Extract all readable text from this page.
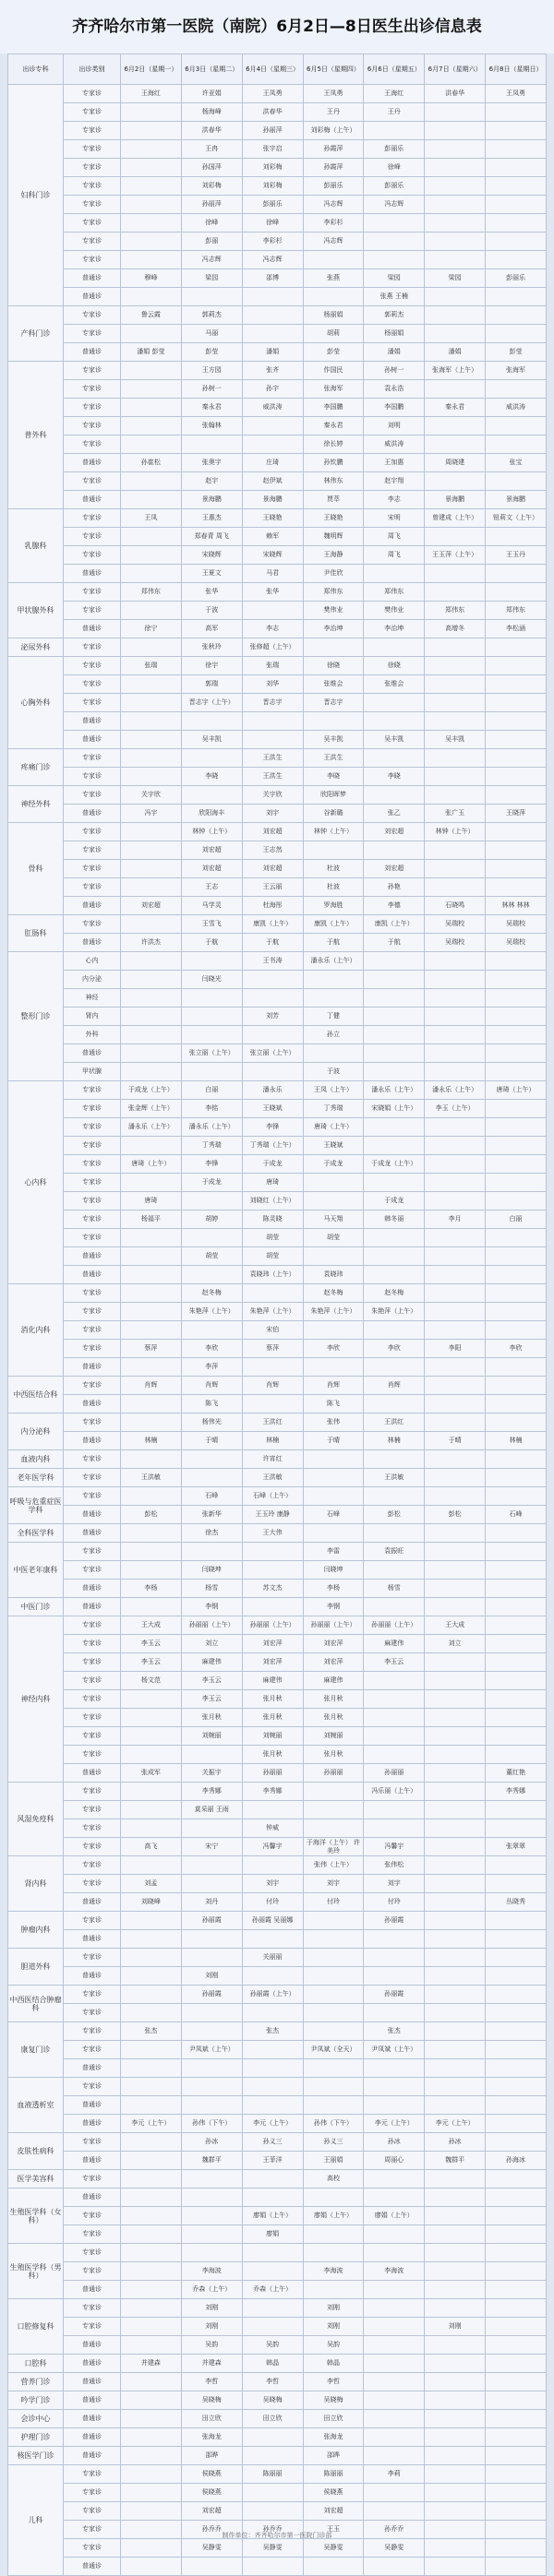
齐齐哈尔市第一医院（南院）6月2日—8日医生出诊信息表
出诊专科	出诊类别	6月2日（星期一）	6月3日（星期二）	6月4日（星期三）	6月5日（星期四）	6月6日（星期五）	6月7日（星期六）	6月8日（星期日）
妇科门诊	专家诊	王海红	许亚娟	王凤勇	王凤勇	王海红	洪春华	王凤勇
	专家诊		杨海峰	洪春华	王丹	王丹		
	专家诊		洪春华	孙丽萍	刘彩梅（上午）			
	专家诊		王冉	张宇启	孙霞萍	彭丽乐		
	专家诊		孙国萍	刘彩梅	孙霞萍	徐峰		
	专家诊		刘彩梅	刘彩梅	彭丽乐	彭丽乐		
	专家诊		孙丽萍	彭丽乐	冯志辉	冯志辉		
	专家诊		徐峰	徐峰	李彩杉			
	专家诊		彭丽	李彩杉	冯志辉			
	专家诊		冯志辉	冯志辉				
	普通诊	穆峰	梁园	邵博	张燕	梁园	梁园	彭丽乐
	普通诊					张燕 王楠		
产科门诊	专家诊	鲁云霞	郭莉杰		杨丽娟	郭莉杰		
	专家诊		马丽		胡莉	杨丽娟		
	普通诊	潘娟 彭莹	彭莹	潘娟	彭莹	潘娟	潘娟	彭莹
普外科	专家诊		王方园	张齐	作国民	孙树一	张海军（上午）	张海军
	专家诊		孙树一	孙宇	张海军	袁永浩		
	专家诊		秦永君	威洪涛	李国鹏	李国鹏	秦永君	威洪涛
	专家诊		张翰林		秦永君	刘明		
	专家诊				徐长婷	威洪涛		
	普通诊	孙崔松	张奥宇	庄琦	孙钦鹏	王加惠	周晓建	张宝
	专家诊		赵宇	赵伊斌	林伟东	赵宇翔		
	普通诊		景海鹏	景海鹏	贾萃	李志	景海鹏	景海鹏
乳腺科	专家诊	王凤	王惠杰	王晓艳	王晓艳	宋明	曾建成（上午）	钮莉文（上午）
	专家诊		郑春青 周飞	赖军	魏明辉	周飞		
	专家诊		宋晓辉	宋晓辉	王海静	周飞	王玉萍（上午）	王玉丹
	普通诊		王夏文	马君	尹佳欣			
甲状腺外科	专家诊	郑伟东	张华	张华	郑伟东	郑伟东		
	专家诊		于波		樊伟业	樊伟业	郑伟东	郑伟东
	普通诊	徐宁	高军	李志	李治坤	李治坤	高增冬	李松涵
泌尿外科	专家诊		张秋玲	张修超（上午）				
心胸外科	专家诊	张瑞	徐宇	张瑞	徐晓	徐晓		
	专家诊		郭瑞	刘华	张维会	张维会		
	专家诊		晋志宇（上午）	晋志宇	晋志宇			
	普通诊							
	普通诊		吴丰凯		吴丰凯	吴丰凯	吴丰凯	
疼痛门诊	专家诊			王洪生	王洪生			
	专家诊		李晓	王洪生	李晓	李晓		
神经外科	专家诊	关宇欣		关宇欣	欣阳晖梦			
	普通诊	冯宇	欣阳海丰	刘宇	谷新璐	张乙	张广玉	王晓萍
骨科	专家诊		林钟（上午）	刘宏超	林钟（上午）	刘宏超	林钟（上午）	
	专家诊		刘宏超	王志然				
	专家诊		刘宏超	刘宏超	杜波	刘宏超		
	专家诊		王志	王云丽	杜波	孙艳		
	普通诊	刘宏超	马学灵	杜海彤	罗海胜	李德	石晓鸣	林林 林林
肛肠科	专家诊		王雪飞	康凯（上午）	康凯（上午）	康凯（上午）	吴瑞校	吴瑞校
	普通诊	许洪杰	于航	于航	于航	于航	吴瑞校	吴瑞校
整形门诊	心内			王书涛	潘永乐（上午）			
	内分泌		闫晓光					
	神经							
	肾内			刘芳	丁健			
	外科				孙立			
	普通诊		张立丽（上午）	张立丽（上午）				
	甲状腺				于波			
心内科	专家诊	于成龙（上午）	白丽	潘永乐	王凤（上午）	潘永乐（上午）	潘永乐（上午）	唐琦（上午）
	专家诊	张金辉（上午）	李铭	王晓斌	丁秀瑞	宋晓娟（上午）	李玉（上午）	
	专家诊	潘永乐（上午）	潘永乐（上午）	李锋	唐琦（上午）			
	专家诊		丁秀瑞	丁秀瑞（上午）	王晓斌			
	专家诊	唐琦（上午）	李锋	于成龙	于成龙	于成龙（上午）		
	专家诊		于成龙	唐琦				
	专家诊	唐琦		刘晓红（上午）		于成龙		
	专家诊	杨福平	胡婷	陈灵晓	马天翔	韩冬丽	李月	白丽
	专家诊			胡莹	胡莹			
	普通诊		胡莹	胡莹				
	普通诊			袁晓玮（上午）	袁晓玮			
消化内科	专家诊		赵冬梅		赵冬梅	赵冬梅		
	专家诊		朱艳萍（上午）	朱艳萍（上午）	朱艳萍（上午）	朱艳萍（上午）		
	专家诊			宋伯				
	专家诊	蔡萍	李欣	蔡萍	李欣	李欣	李阳	李欣
	普通诊		李萍					
中西医结合科	专家诊	肖辉	肖辉	肖辉	肖辉	肖辉		
	普通诊		陈飞		陈飞			
内分泌科	专家诊		杨伟光	王洪红	张伟	王洪红		
	普通诊	林楠	于晴	林楠	于晴	林楠	于晴	林楠
血液内科	专家诊			许宵红				
老年医学科	专家诊	王洪敏		王洪敏		王洪敏		
呼吸与危重症医学科	专家诊		石峰	石峰（上午）				
	普通诊	彭松	张新华	王玉玲 康静	石峰	彭松	彭松	石峰
全科医学科	普通诊		徐杰	王大伟				
中医老年康科	专家诊				李雷	袁振旺		
	专家诊		闫晓坤		闫晓坤			
	普通诊	李杨	杨雪	苏文杰	李杨	杨雪		
中医门诊	普通诊		李钢		李钢			
神经内科	专家诊	王大成	孙丽丽（上午）	孙丽丽（上午）	孙丽丽（上午）	孙丽丽（上午）	王大成	
	专家诊	李玉云	刘立	刘宏萍	刘宏萍	麻建伟	刘立	
	专家诊	李玉云	麻建伟	刘宏萍	刘宏萍	李玉云		
	专家诊	杨文范	李玉云	麻建伟	麻建伟			
	专家诊		李玉云	张月秋	张月秋			
	专家诊		张月秋	张月秋	张月秋			
	专家诊		刘婉丽	刘婉丽	刘婉丽			
	专家诊			张月秋	张月秋			
	普通诊	张成军	关振宇	孙丽丽	孙丽丽	孙丽丽		董红艳
风湿免疫科	专家诊		李秀娜	李秀娜		冯乐丽（上午）		李秀娜
	专家诊		莫采丽 王雨					
	专家诊			钟威				
	专家诊	高飞	宋宁	冯馨宇	于海洋（上午） 许美玲	冯馨宇		张翠翠
肾内科	专家诊				张伟（上午）	张伟松		
	专家诊	刘孟		刘宇	刘宇	刘宇		
	普通诊	刘晓峰	刘丹	付玲	付玲	付玲		丛晓秀
肿瘤内科	专家诊		孙丽霞	孙丽霞 吴丽娜		孙丽霞		
	普通诊							
胆道外科	专家诊			关丽丽				
	普通诊		刘刚					
中西医结合肿瘤科	专家诊		孙丽霞	孙丽霞（上午）		孙丽霞		
	专家诊							
康复门诊	专家诊	张杰		张杰		张杰		
	专家诊		尹凤斌（上午）		尹凤斌（全天）	尹凤斌（上午）		
	普通诊							
血液透析室	专家诊							
	普通诊							
	普通诊	李元（上午）	孙伟（下午）	李元（上午）	孙伟（下午）	李元（上午）	李元（上午）	
皮肤性病科	专家诊		孙冰	孙义三	孙义三	孙冰	孙冰	
	普通诊		魏群平	王菲洋	王丽娟	周丽心	魏群平	孙海冰
医学美容科	专家诊				高校			
生殖医学科（女科）	普通诊							
	专家诊			廖娟（上午）	廖娟（上午）	廖娟（上午）		
	专家诊			廖娟				
生殖医学科（男科）	专家诊							
	专家诊		李海波		李海波	李海波		
	普通诊		乔森（上午）	乔森（上午）				
口腔修复科	专家诊		刘刚		刘刚			
	专家诊		刘刚		刘刚		刘刚	
	普通诊		吴韵	吴韵	吴韵			
口腔科	普通诊	并建森	并建森	韩晶	韩晶			
营养门诊	普通诊		李哲	李哲	李哲			
吟学门诊	普通诊		吴晓梅	吴晓梅	吴晓梅			
会诊中心	普通诊		田立欣	田立欣	田立欣			
护理门诊	普通诊		张海龙		张海龙			
核医学门诊	普通诊		邵晔		邵晔			
儿科	专家诊		侯晓燕	陈丽丽	陈丽丽	李莉		
	专家诊		侯晓燕		侯晓燕			
	专家诊		刘宏超		刘宏超			
	专家诊		孙乔乔	孙乔乔	王玉	孙乔乔		
	专家诊		吴静雯	吴静雯	吴静雯	吴静雯		
	普通诊							
制作单位：齐齐哈尔市第一医院门诊部
